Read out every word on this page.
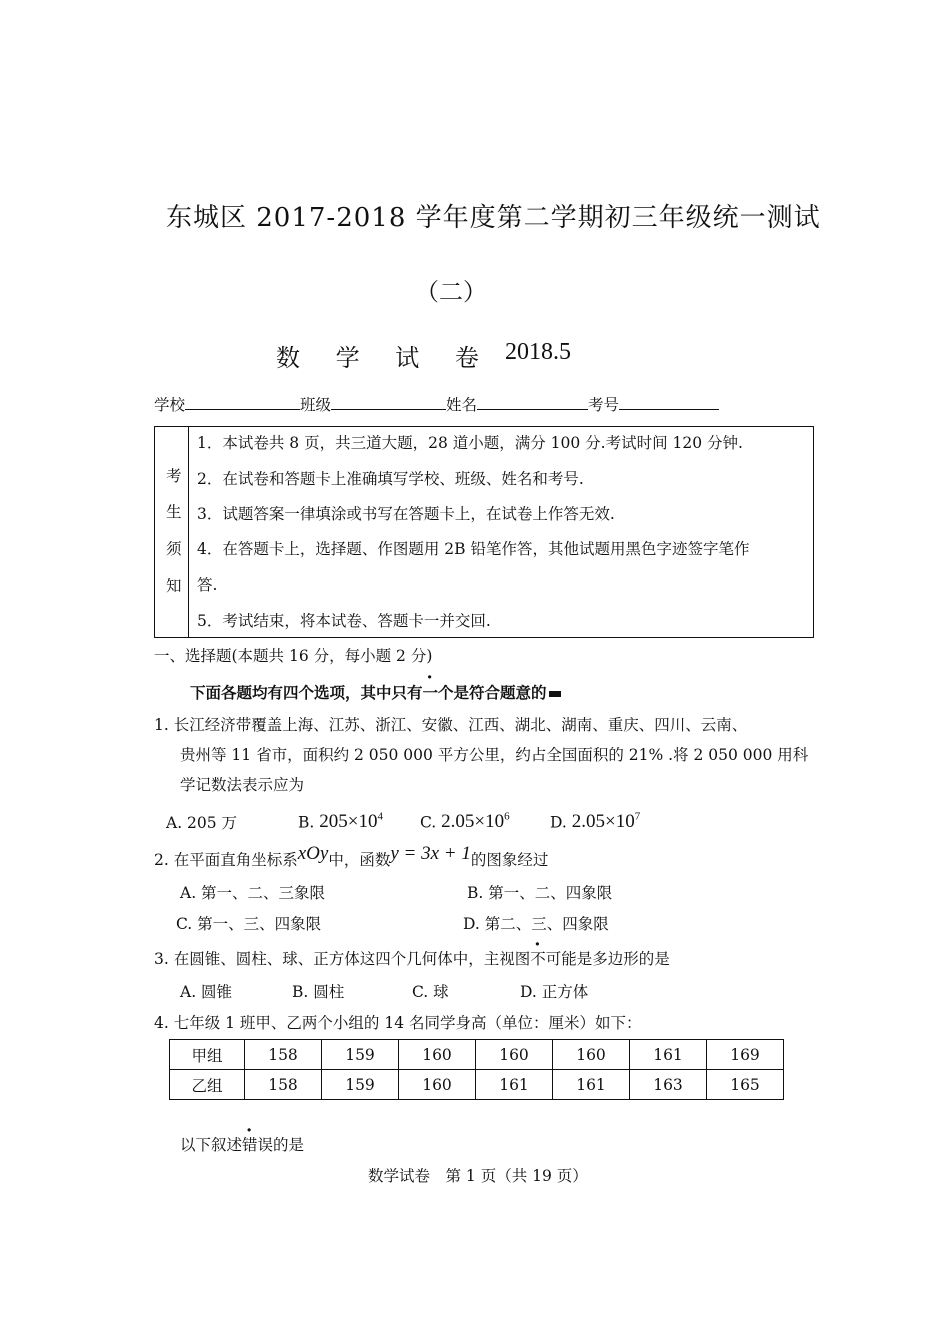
东城区 2017-2018 学年度第二学期初三年级统一测试
（二）
数 学 试 卷 2018.5
学校	班级	姓名	考号
考
生
须
知
1．本试卷共 8 页，共三道大题，28 道小题，满分 100 分.考试时间 120 分钟.
2．在试卷和答题卡上准确填写学校、班级、姓名和考号.
3．试题答案一律填涂或书写在答题卡上，在试卷上作答无效.
4．在答题卡上，选择题、作图题用 2B 铅笔作答，其他试题用黑色字迹签字笔作
答.
5．考试结束，将本试卷、答题卡一并交回.
一、选择题(本题共 16 分，每小题 2 分)
下面各题均有四个选项，其中只有一个是符合题意的
1. 长江经济带覆盖上海、江苏、浙江、安徽、江西、湖北、湖南、重庆、四川、云南、
贵州等 11 省市，面积约 2 050 000 平方公里，约占全国面积的 21% .将 2 050 000 用科
学记数法表示应为
A. 205 万	B. $205\times 10^4$ C. $2.05\times 10^6$	D. $2.05\times 10^7$
2. 在平面直角坐标系xOy中，函数y = 3x + 1的图象经过
A. 第一、二、三象限	B. 第一、二、四象限
C. 第一、三、四象限	D. 第二、三、四象限
3. 在圆锥、圆柱、球、正方体这四个几何体中，主视图不可能是多边形的是
A. 圆锥	B. 圆柱	C. 球	D. 正方体
4. 七年级 1 班甲、乙两个小组的 14 名同学身高（单位：厘米）如下：
甲组	158	159	160	160	160	161	169
乙组	158	159	160	161	161	163	165
以下叙述错误的是
数学试卷　第 1 页（共 19 页）
